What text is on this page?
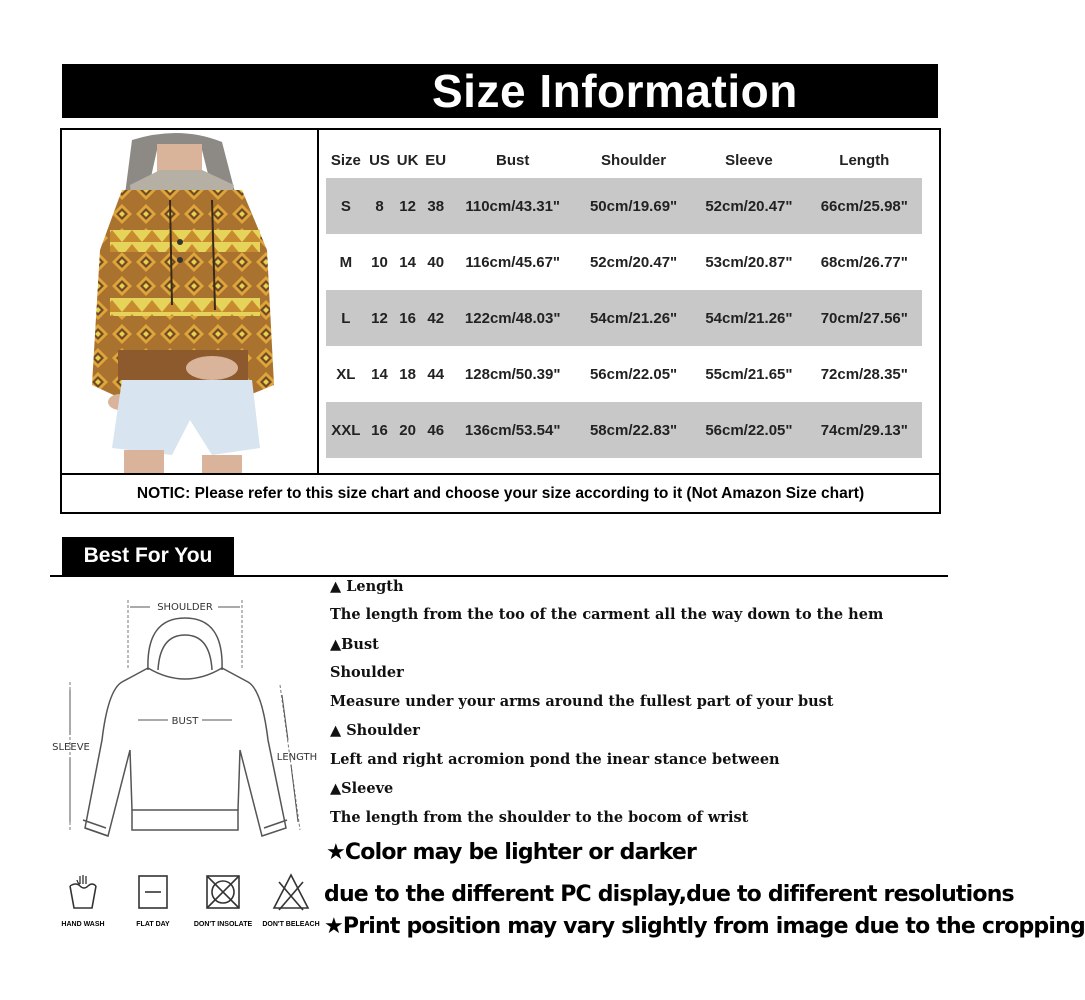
Size Information
NOTIC: Please refer to this size chart and choose your size according to it (Not Amazon Size chart)
Size	US	UK	EU	Bust	Shoulder	Sleeve	Length
S	8	12	38	110cm/43.31"	50cm/19.69"	52cm/20.47"	66cm/25.98"
M	10	14	40	116cm/45.67"	52cm/20.47"	53cm/20.87"	68cm/26.77"
L	12	16	42	122cm/48.03"	54cm/21.26"	54cm/21.26"	70cm/27.56"
XL	14	18	44	128cm/50.39"	56cm/22.05"	55cm/21.65"	72cm/28.35"
XXL	16	20	46	136cm/53.54"	58cm/22.83"	56cm/22.05"	74cm/29.13"
Best For You
SHOULDER
BUST
SLEEVE
LENGTH
▲ Length
The length from the too of the carment all the way down to the hem
▲Bust
Shoulder
Measure under your arms around the fullest part of your bust
▲ Shoulder
Left and right acromion pond the inear stance between
▲Sleeve
The length from the shoulder to the bocom of wrist
★Color may be lighter or darker
due to the different PC display,due to dififerent resolutions
★Print position may vary slightly from image due to the cropping
HAND WASH	FLAT DAY	DON'T INSOLATE	DON'T BELEACH
